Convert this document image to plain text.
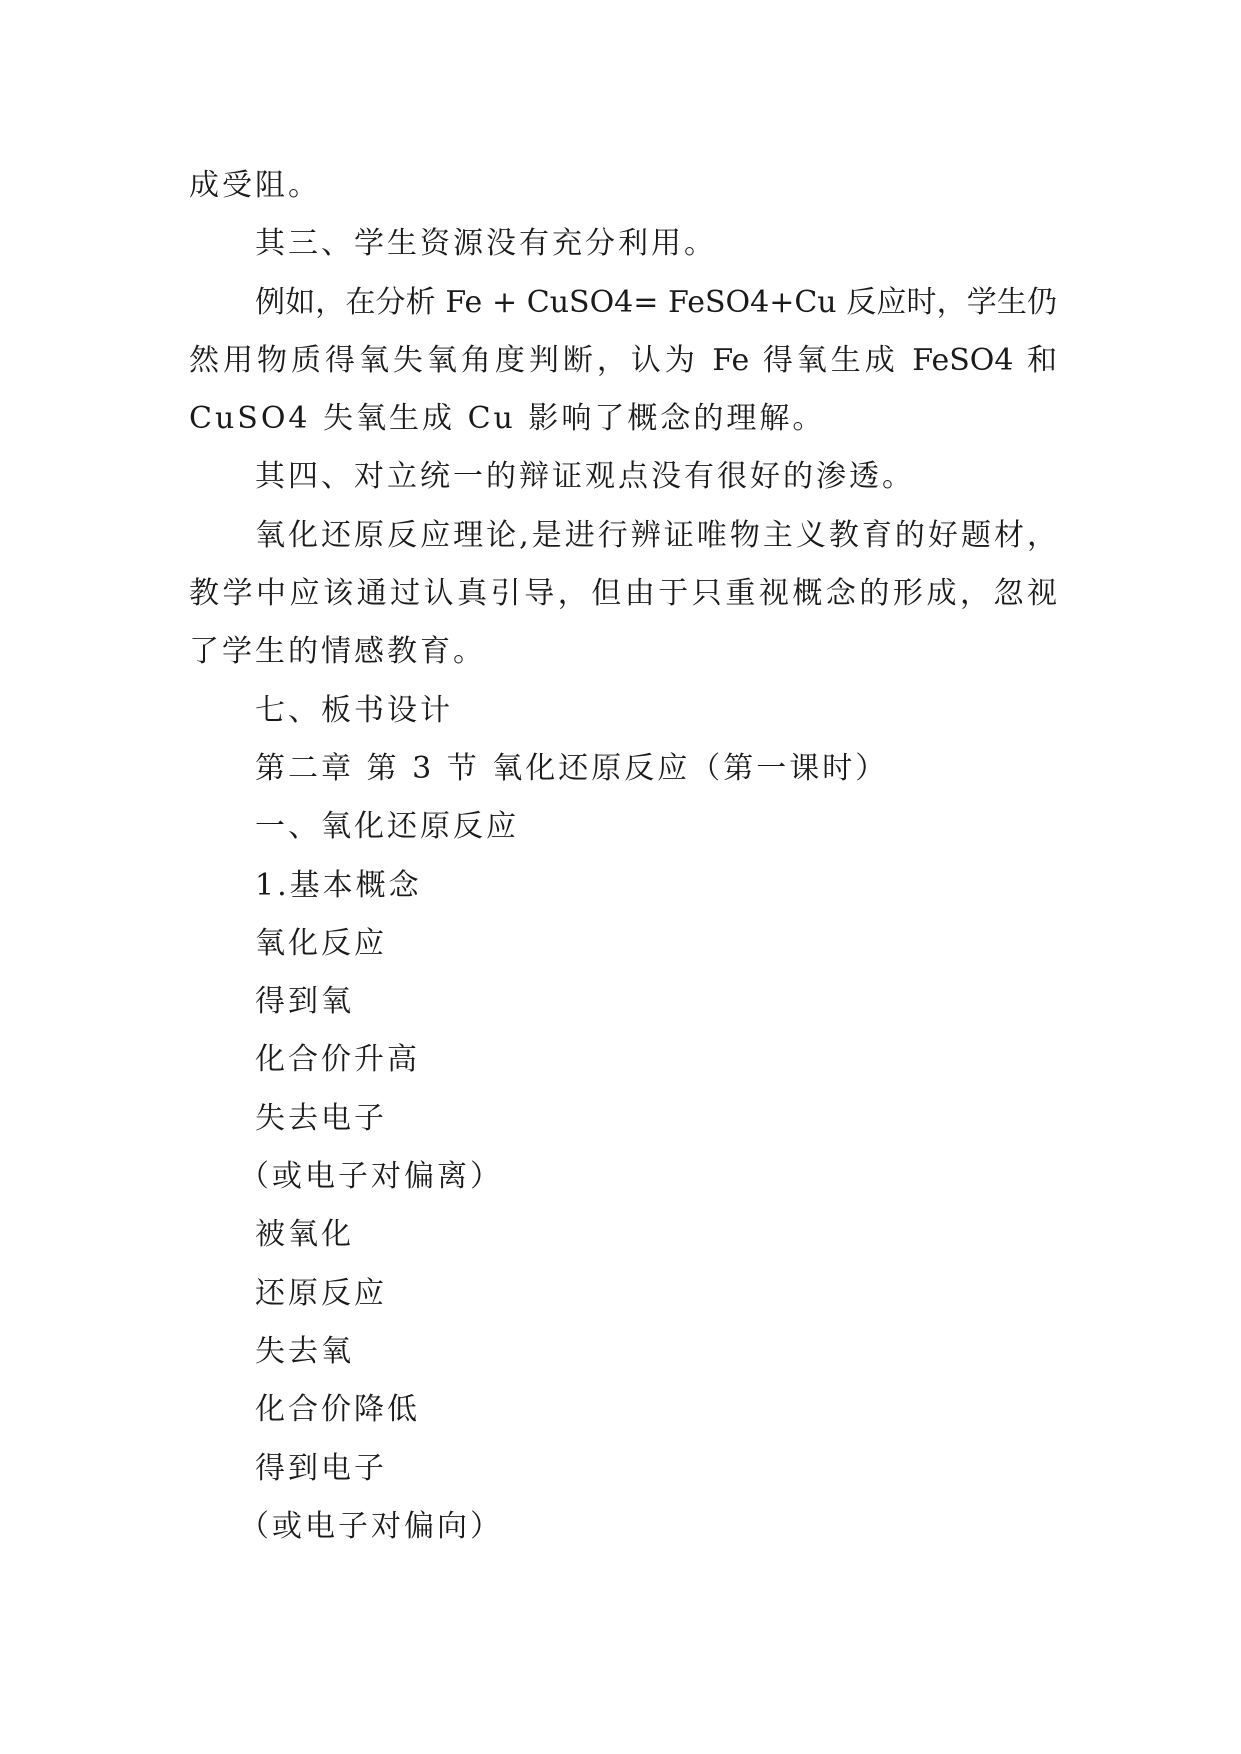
成受阻。
其三、学生资源没有充分利用。
例如，在分析 Fe + CuSO4= FeSO4+Cu 反应时，学生仍
然用物质得氧失氧角度判断，认为 Fe 得氧生成 FeSO4 和
CuSO4 失氧生成 Cu 影响了概念的理解。
其四、对立统一的辩证观点没有很好的渗透。
氧化还原反应理论,是进行辨证唯物主义教育的好题材，
教学中应该通过认真引导，但由于只重视概念的形成，忽视
了学生的情感教育。
七、板书设计
第二章 第 3 节 氧化还原反应（第一课时）
一、氧化还原反应
1.基本概念
氧化反应
得到氧
化合价升高
失去电子
（或电子对偏离）
被氧化
还原反应
失去氧
化合价降低
得到电子
（或电子对偏向）
